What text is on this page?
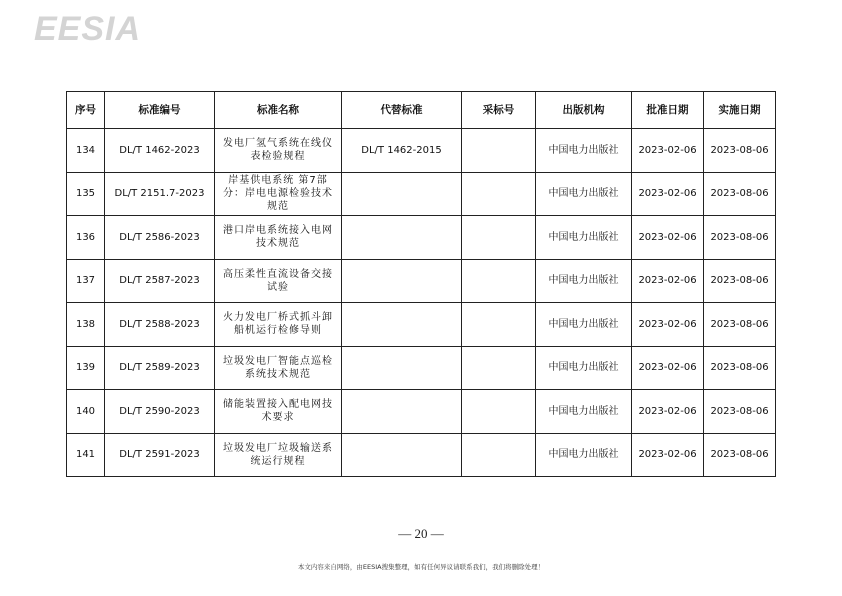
EESIA
序号	标准编号	标准名称	代替标准	采标号	出版机构	批准日期	实施日期
134	DL/T 1462-2023	发电厂氢气系统在线仪表检验规程	DL/T 1462-2015		中国电力出版社	2023-02-06	2023-08-06
135	DL/T 2151.7-2023	岸基供电系统 第7部分：岸电电源检验技术规范			中国电力出版社	2023-02-06	2023-08-06
136	DL/T 2586-2023	港口岸电系统接入电网技术规范			中国电力出版社	2023-02-06	2023-08-06
137	DL/T 2587-2023	高压柔性直流设备交接试验			中国电力出版社	2023-02-06	2023-08-06
138	DL/T 2588-2023	火力发电厂桥式抓斗卸船机运行检修导则			中国电力出版社	2023-02-06	2023-08-06
139	DL/T 2589-2023	垃圾发电厂智能点巡检系统技术规范			中国电力出版社	2023-02-06	2023-08-06
140	DL/T 2590-2023	储能装置接入配电网技术要求			中国电力出版社	2023-02-06	2023-08-06
141	DL/T 2591-2023	垃圾发电厂垃圾输送系统运行规程			中国电力出版社	2023-02-06	2023-08-06
— 20 —
本文内容来自网络，由EESIA搜集整理，如有任何异议请联系我们，我们将删除处理！
